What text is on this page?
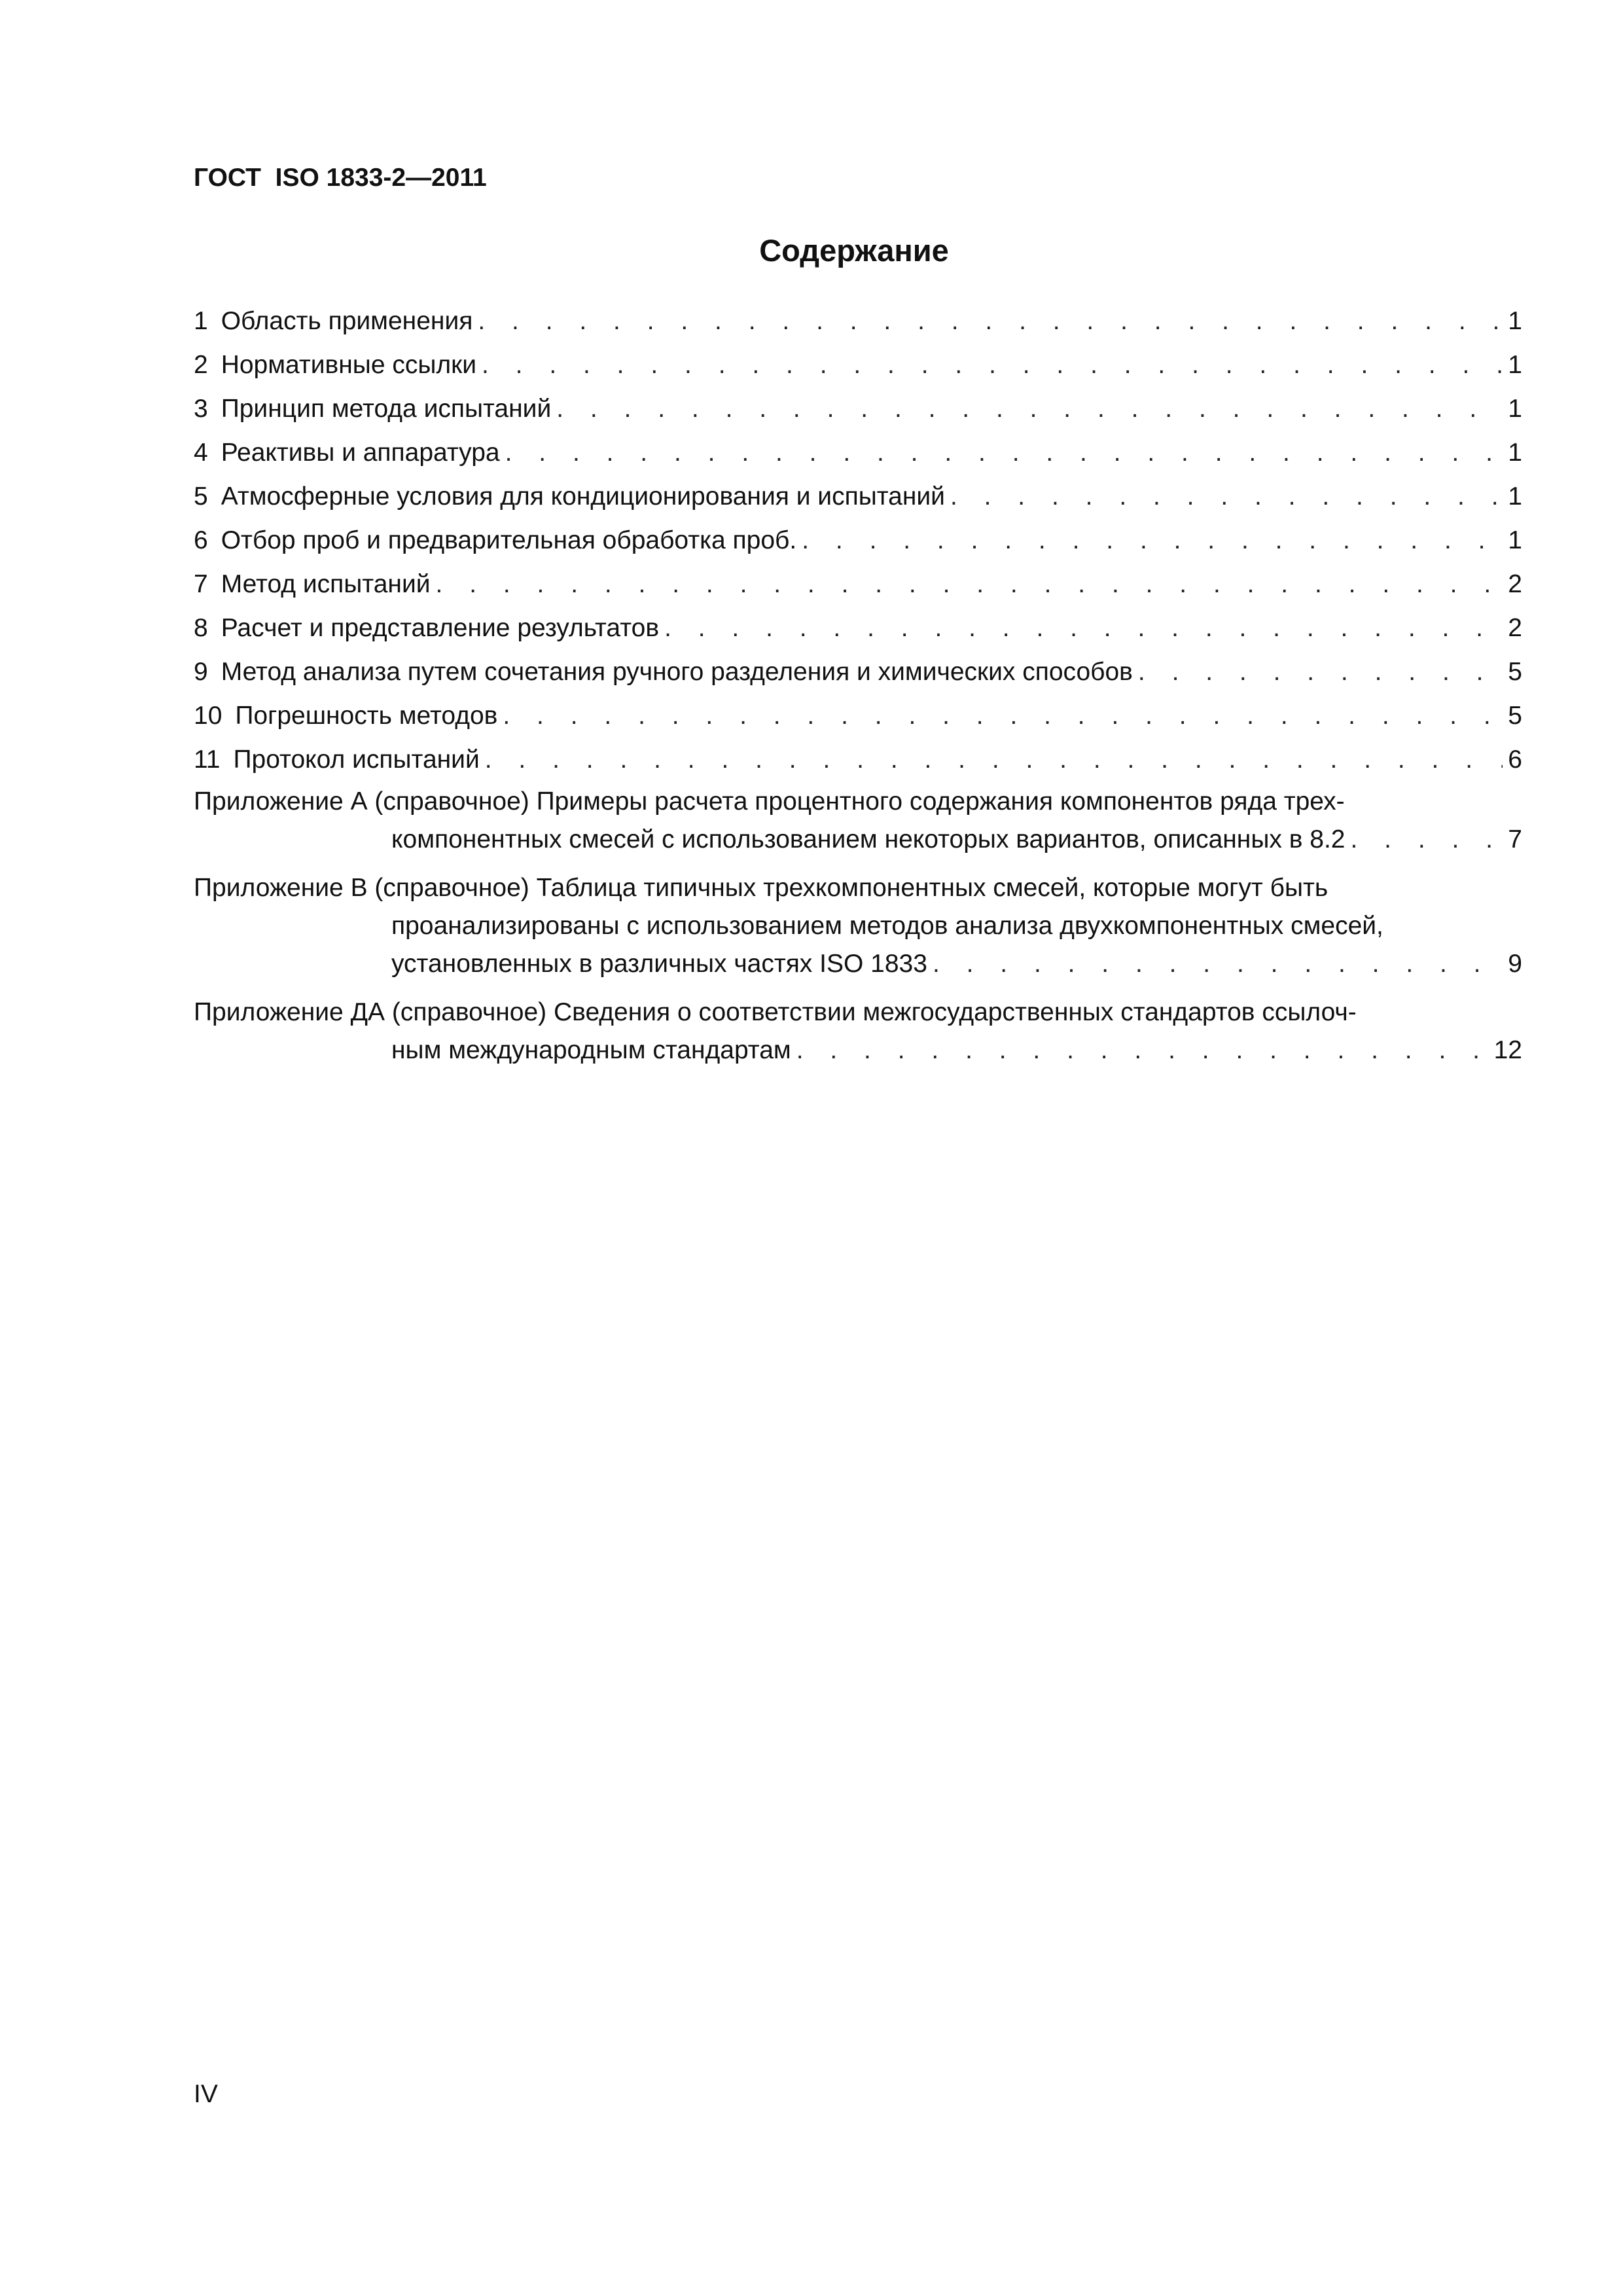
ГОСТ  ISO 1833-2—2011
Содержание
1 Область применения . . .	1
2 Нормативные ссылки . . .	1
3 Принцип метода испытаний . . .	1
4 Реактивы и аппаратура . . .	1
5 Атмосферные условия для кондиционирования и испытаний . . .	1
6 Отбор проб и предварительная обработка проб. . . .	1
7 Метод испытаний . . .	2
8 Расчет и представление результатов . . .	2
9 Метод анализа путем сочетания ручного разделения и химических способов . . .	5
10 Погрешность методов . . .	5
11 Протокол испытаний . . .	6
Приложение А (справочное) Примеры расчета процентного содержания компонентов ряда трех-
компонентных смесей с использованием некоторых вариантов, описанных в 8.2 . . .	7
Приложение В (справочное) Таблица типичных трехкомпонентных смесей, которые могут быть
проанализированы с использованием методов анализа двухкомпонентных смесей,
установленных в различных частях ISO 1833 . . .	9
Приложение ДА (справочное) Сведения о соответствии межгосударственных стандартов ссылоч-
ным международным стандартам . . .	12
IV
